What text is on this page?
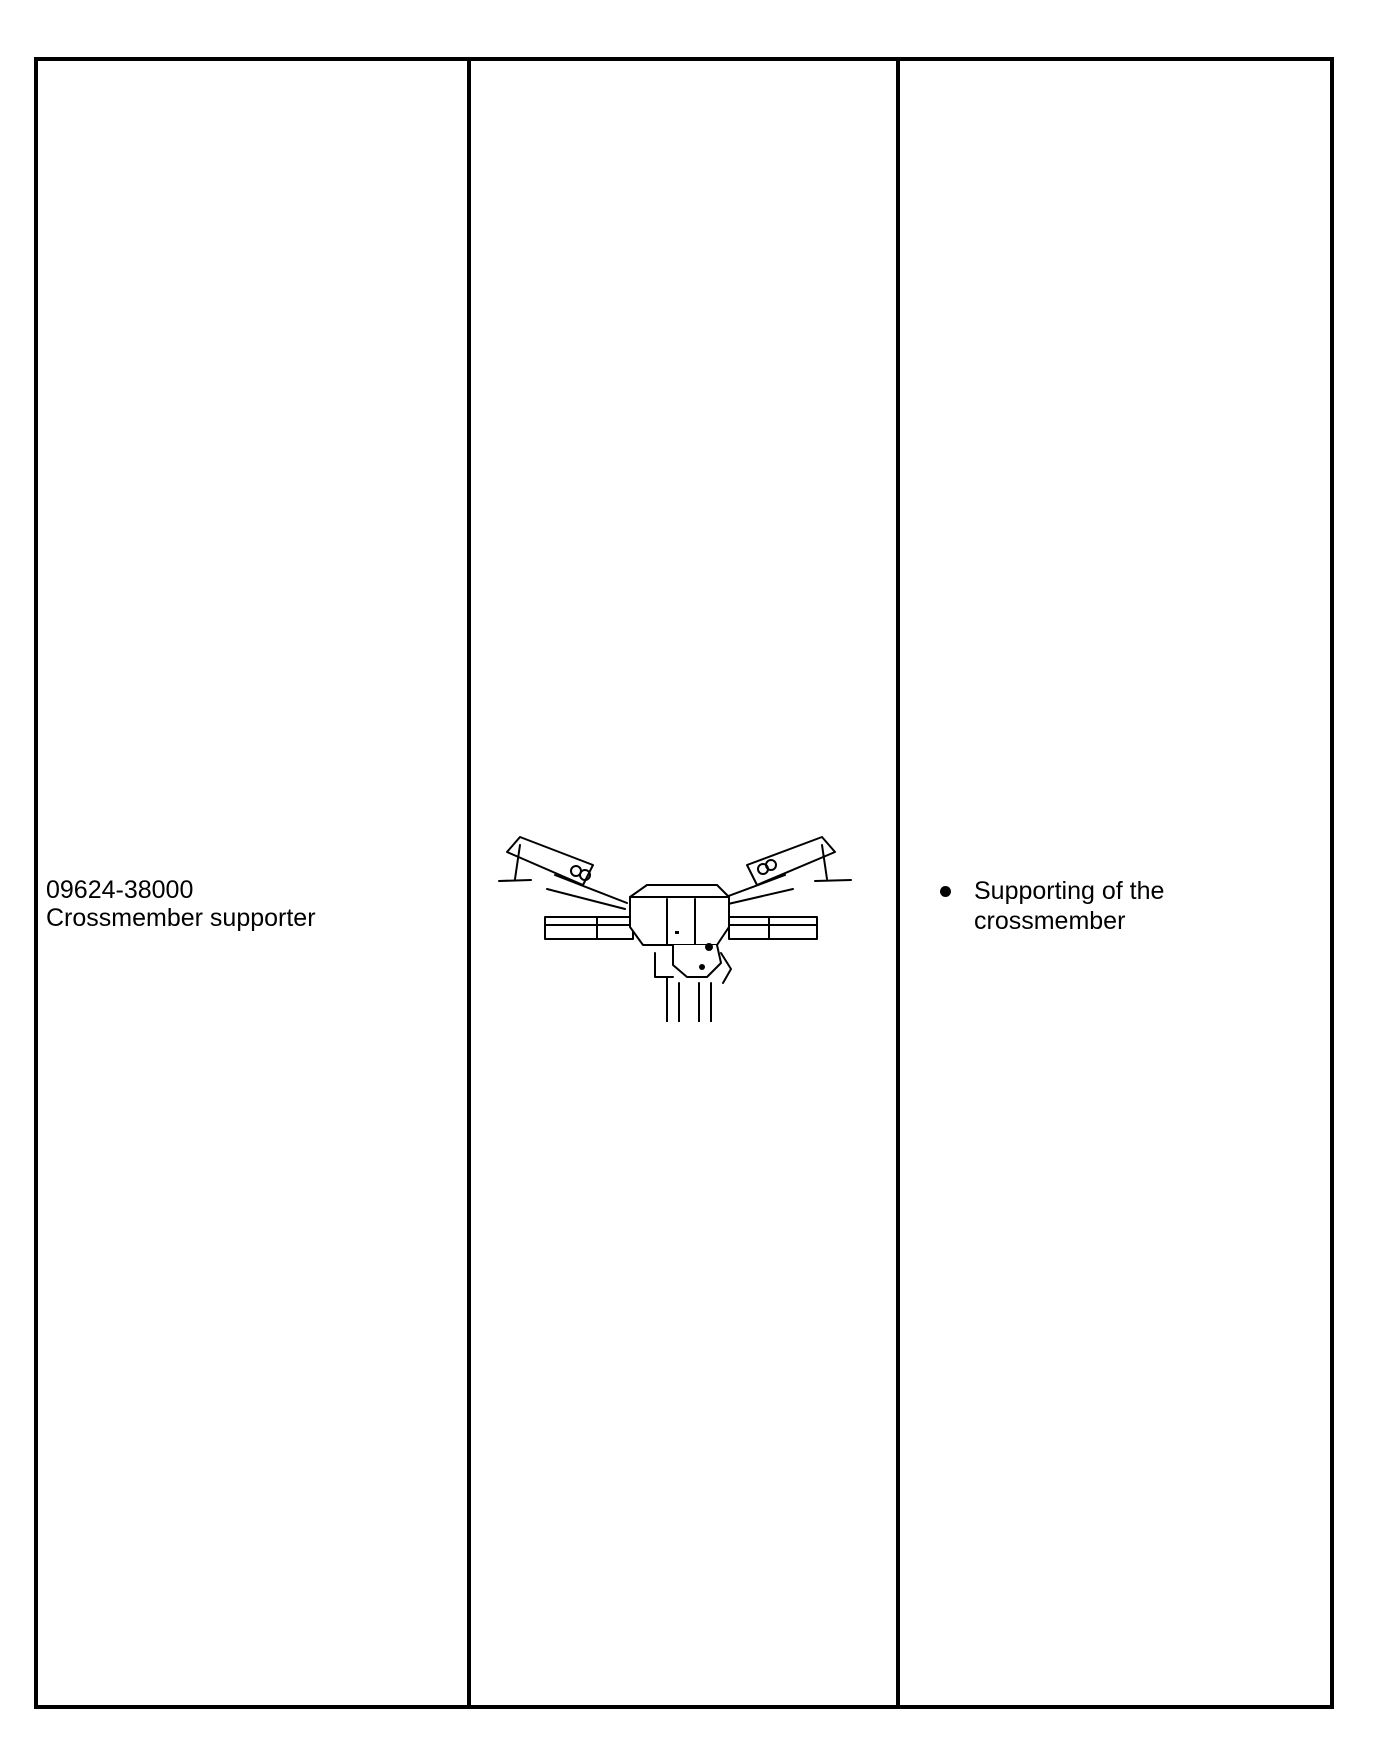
09624-38000
Crossmember supporter
Supporting of the crossmember
